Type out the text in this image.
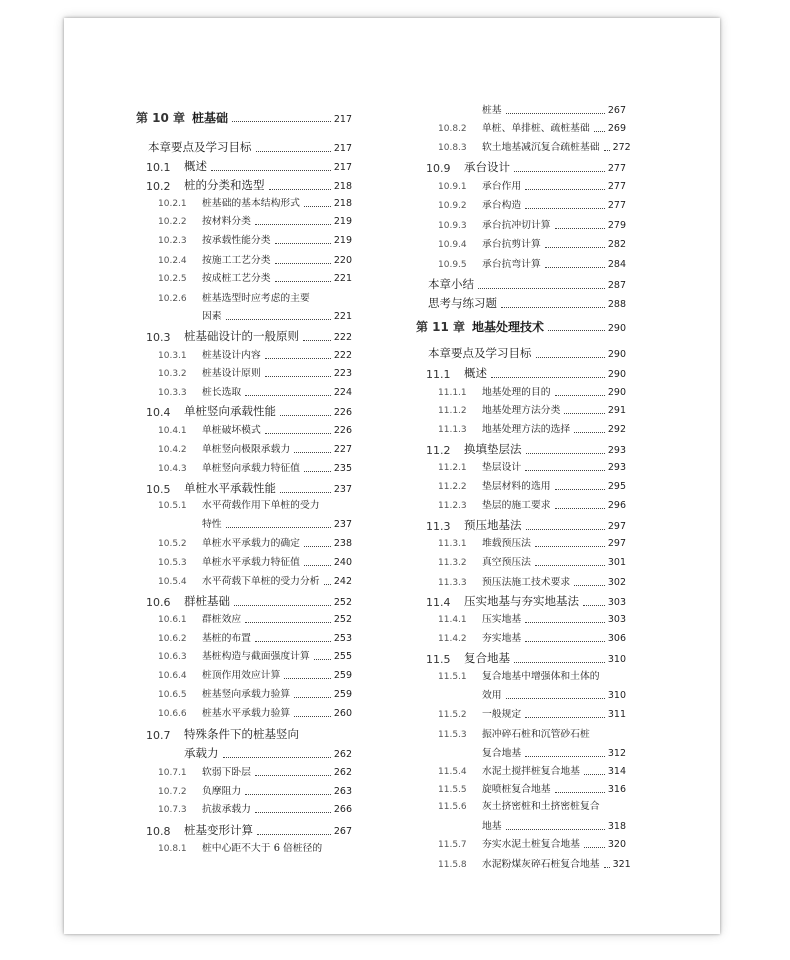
第 10 章 桩基础	217
本章要点及学习目标	217
10.1	概述	217
10.2	桩的分类和选型	218
10.2.1	桩基础的基本结构形式	218
10.2.2	按材料分类	219
10.2.3	按承载性能分类	219
10.2.4	按施工工艺分类	220
10.2.5	按成桩工艺分类	221
10.2.6	桩基选型时应考虑的主要
因素	221
10.3	桩基础设计的一般原则	222
10.3.1	桩基设计内容	222
10.3.2	桩基设计原则	223
10.3.3	桩长选取	224
10.4	单桩竖向承载性能	226
10.4.1	单桩破坏模式	226
10.4.2	单桩竖向极限承载力	227
10.4.3	单桩竖向承载力特征值	235
10.5	单桩水平承载性能	237
10.5.1	水平荷载作用下单桩的受力
特性	237
10.5.2	单桩水平承载力的确定	238
10.5.3	单桩水平承载力特征值	240
10.5.4	水平荷载下单桩的受力分析 242
10.6	群桩基础	252
10.6.1	群桩效应	252
10.6.2	基桩的布置	253
10.6.3	基桩构造与截面强度计算	255
10.6.4	桩顶作用效应计算	259
10.6.5	桩基竖向承载力验算	259
10.6.6	桩基水平承载力验算	260
10.7	特殊条件下的桩基竖向
承载力	262
10.7.1	软弱下卧层	262
10.7.2	负摩阻力	263
10.7.3	抗拔承载力	266
10.8	桩基变形计算	267
10.8.1	桩中心距不大于 6 倍桩径的
桩基	267
10.8.2	单桩、单排桩、疏桩基础 269
10.8.3	软土地基减沉复合疏桩基础 272
10.9	承台设计	277
10.9.1	承台作用	277
10.9.2	承台构造	277
10.9.3	承台抗冲切计算	279
10.9.4	承台抗剪计算	282
10.9.5	承台抗弯计算	284
本章小结	287
思考与练习题	288
第 11 章 地基处理技术	290
本章要点及学习目标	290
11.1	概述	290
11.1.1	地基处理的目的	290
11.1.2	地基处理方法分类	291
11.1.3	地基处理方法的选择	292
11.2	换填垫层法	293
11.2.1	垫层设计	293
11.2.2	垫层材料的选用	295
11.2.3	垫层的施工要求	296
11.3	预压地基法	297
11.3.1	堆载预压法	297
11.3.2	真空预压法	301
11.3.3	预压法施工技术要求	302
11.4	压实地基与夯实地基法	303
11.4.1	压实地基	303
11.4.2	夯实地基	306
11.5	复合地基	310
11.5.1	复合地基中增强体和土体的
效用	310
11.5.2	一般规定	311
11.5.3	振冲碎石桩和沉管砂石桩
复合地基	312
11.5.4	水泥土搅拌桩复合地基	314
11.5.5	旋喷桩复合地基	316
11.5.6	灰土挤密桩和土挤密桩复合
地基	318
11.5.7	夯实水泥土桩复合地基	320
11.5.8	水泥粉煤灰碎石桩复合地基 321
